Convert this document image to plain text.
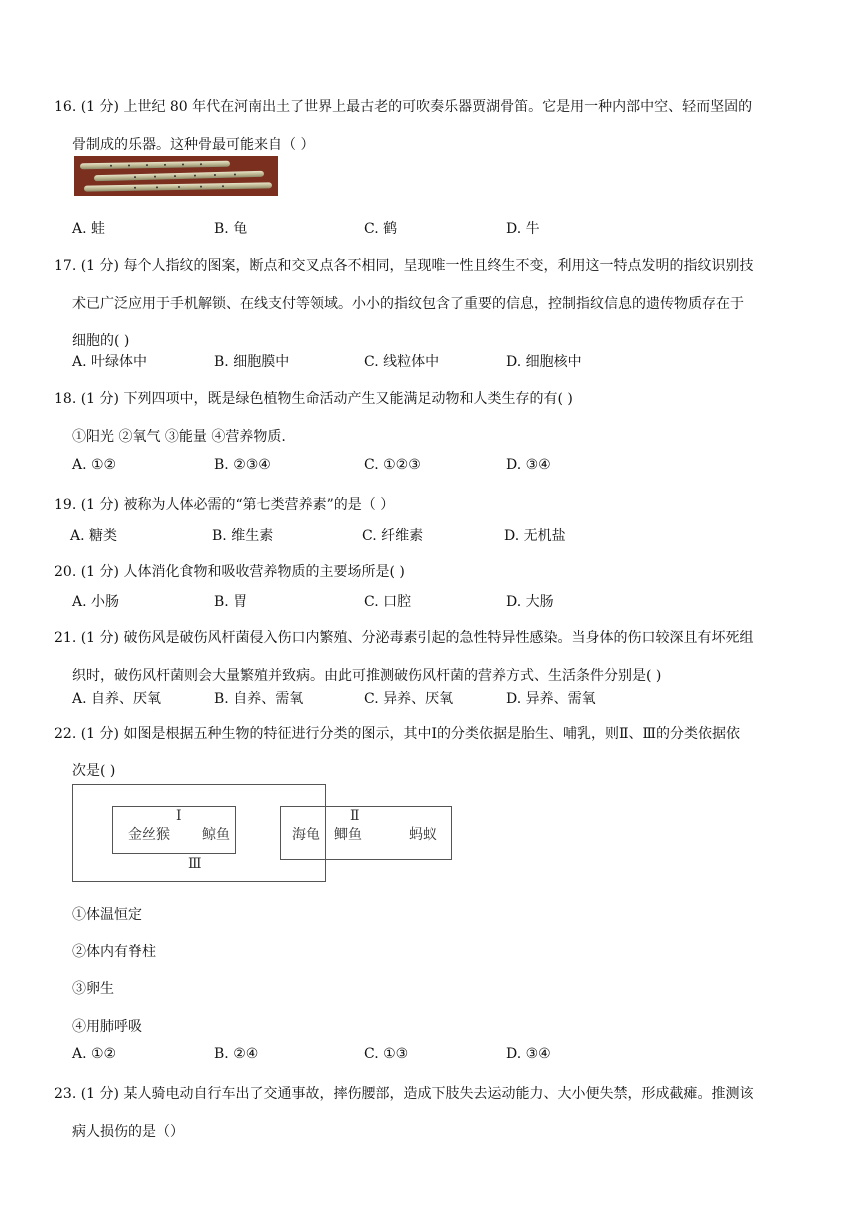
16. (1 分) 上世纪 80 年代在河南出土了世界上最古老的可吹奏乐器贾湖骨笛。它是用一种内部中空、轻而坚固的
骨制成的乐器。这种骨最可能来自（ ）
A. 蛙	B. 龟	C. 鹤	D. 牛
17. (1 分) 每个人指纹的图案，断点和交叉点各不相同，呈现唯一性且终生不变，利用这一特点发明的指纹识别技
术已广泛应用于手机解锁、在线支付等领域。小小的指纹包含了重要的信息，控制指纹信息的遗传物质存在于
细胞的( )
A. 叶绿体中	B. 细胞膜中	C. 线粒体中	D. 细胞核中
18. (1 分) 下列四项中，既是绿色植物生命活动产生又能满足动物和人类生存的有( )
①阳光 ②氧气 ③能量 ④营养物质.
A. ①②	B. ②③④	C. ①②③	D. ③④
19. (1 分) 被称为人体必需的“第七类营养素”的是（ ）
A. 糖类	B. 维生素	C. 纤维素	D. 无机盐
20. (1 分) 人体消化食物和吸收营养物质的主要场所是( )
A. 小肠	B. 胃	C. 口腔	D. 大肠
21. (1 分) 破伤风是破伤风杆菌侵入伤口内繁殖、分泌毒素引起的急性特异性感染。当身体的伤口较深且有坏死组
织时，破伤风杆菌则会大量繁殖并致病。由此可推测破伤风杆菌的营养方式、生活条件分别是( )
A. 自养、厌氧	B. 自养、需氧	C. 异养、厌氧	D. 异养、需氧
22. (1 分) 如图是根据五种生物的特征进行分类的图示，其中Ⅰ的分类依据是胎生、哺乳，则Ⅱ、Ⅲ的分类依据依
次是( )
Ⅰ	Ⅱ
Ⅲ
金丝猴 鲸鱼	海龟 鲫鱼	蚂蚁
①体温恒定
②体内有脊柱
③卵生
④用肺呼吸
A. ①②	B. ②④	C. ①③	D. ③④
23. (1 分) 某人骑电动自行车出了交通事故，摔伤腰部，造成下肢失去运动能力、大小便失禁，形成截瘫。推测该
病人损伤的是（）
